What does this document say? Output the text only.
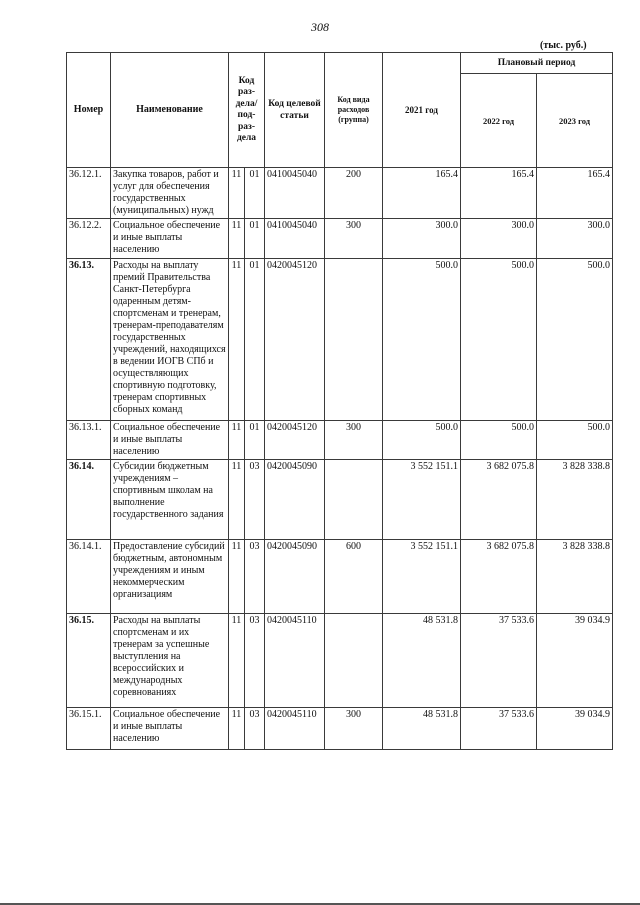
308
(тыс. руб.)
Номер	Наименование	Код раз-дела/ под-раз-дела		Код целевой статьи	Код вида расходов (группа)	2021 год	Плановый период	
							2022 год	2023 год
36.12.1.	Закупка товаров, работ и услуг для обеспечения государственных (муниципальных) нужд	11	01	0410045040	200	165.4	165.4	165.4
36.12.2.	Социальное обеспечение и иные выплаты населению	11	01	0410045040	300	300.0	300.0	300.0
36.13.	Расходы на выплату премий Правительства Санкт-Петербурга одаренным детям-спортсменам и тренерам, тренерам-преподавателям государственных учреждений, находящихся в ведении ИОГВ СПб и осуществляющих спортивную подготовку, тренерам спортивных сборных команд	11	01	0420045120		500.0	500.0	500.0
36.13.1.	Социальное обеспечение и иные выплаты населению	11	01	0420045120	300	500.0	500.0	500.0
36.14.	Субсидии бюджетным учреждениям – спортивным школам на выполнение государственного задания	11	03	0420045090		3 552 151.1	3 682 075.8	3 828 338.8
36.14.1.	Предоставление субсидий бюджетным, автономным учреждениям и иным некоммерческим организациям	11	03	0420045090	600	3 552 151.1	3 682 075.8	3 828 338.8
36.15.	Расходы на выплаты спортсменам и их тренерам за успешные выступления на всероссийских и международных соревнованиях	11	03	0420045110		48 531.8	37 533.6	39 034.9
36.15.1.	Социальное обеспечение и иные выплаты населению	11	03	0420045110	300	48 531.8	37 533.6	39 034.9
